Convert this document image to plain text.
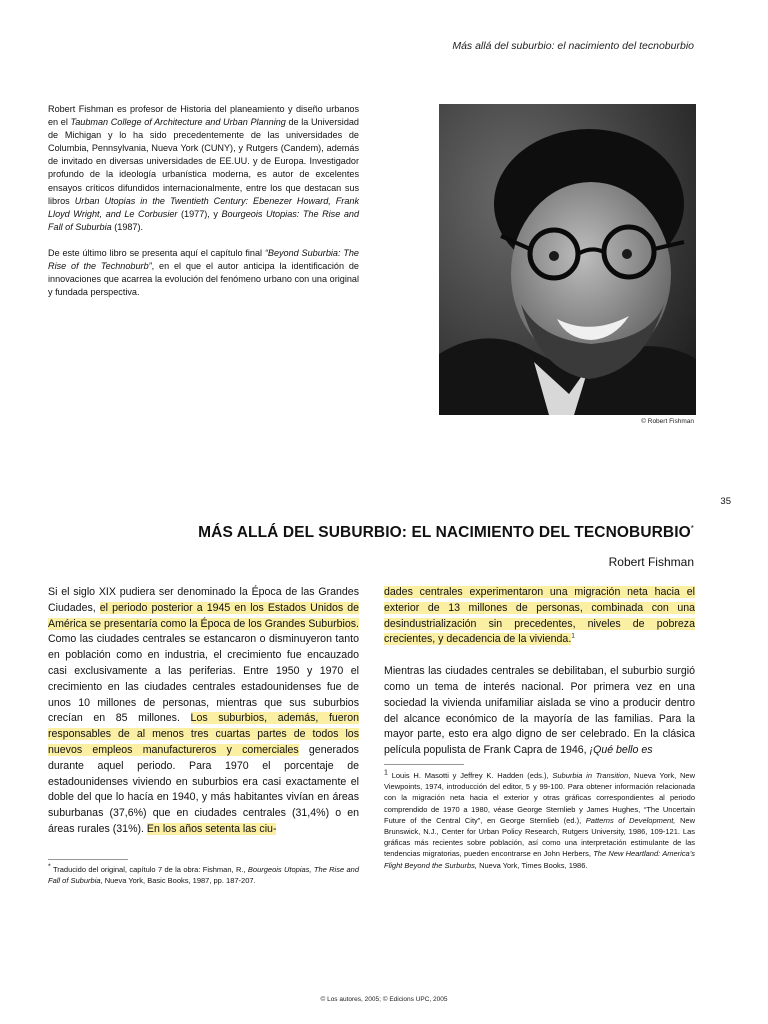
Más allá del suburbio: el nacimiento del tecnoburbio

Robert Fishman es profesor de Historia del planeamiento y diseño urbanos en el Taubman College of Architecture and Urban Planning de la Universidad de Michigan y lo ha sido precedentemente de las universidades de Columbia, Pennsylvania, Nueva York (CUNY), y Rutgers (Candem), además de invitado en diversas universidades de EE.UU. y de Europa. Investigador profundo de la ideología urbanística moderna, es autor de excelentes ensayos críticos difundidos internacionalmente, entre los que destacan sus libros Urban Utopias in the Twentieth Century: Ebenezer Howard, Frank Lloyd Wright, and Le Corbusier (1977), y Bourgeois Utopias: The Rise and Fall of Suburbia (1987).

De este último libro se presenta aquí el capítulo final “Beyond Suburbia: The Rise of the Technoburb”, en el que el autor anticipa la identificación de innovaciones que acarrea la evolución del fenómeno urbano con una original y fundada perspectiva.

© Robert Fishman
35
MÁS ALLÁ DEL SUBURBIO: EL NACIMIENTO DEL TECNOBURBIO*
Robert Fishman

Si el siglo XIX pudiera ser denominado la Época de las Grandes Ciudades, el periodo posterior a 1945 en los Estados Unidos de América se presentaría como la Época de los Grandes Suburbios. Como las ciudades centrales se estancaron o disminuyeron tanto en población como en industria, el crecimiento fue encauzado casi exclusivamente a las periferias. Entre 1950 y 1970 el crecimiento en las ciudades centrales estadounidenses fue de unos 10 millones de personas, mientras que sus suburbios crecían en 85 millones. Los suburbios, además, fueron responsables de al menos tres cuartas partes de todos los nuevos empleos manufactureros y comerciales generados durante aquel periodo. Para 1970 el porcentaje de estadounidenses viviendo en suburbios era casi exactamente el doble del que lo hacía en 1940, y más habitantes vivían en áreas suburbanas (37,6%) que en ciudades centrales (31,4%) o en áreas rurales (31%). En los años setenta las ciu-

dades centrales experimentaron una migración neta hacia el exterior de 13 millones de personas, combinada con una desindustrialización sin precedentes, niveles de pobreza crecientes, y decadencia de la vivienda.$^1$

Mientras las ciudades centrales se debilitaban, el suburbio surgió como un tema de interés nacional. Por primera vez en una sociedad la vivienda unifamiliar aislada se vino a producir dentro del alcance económico de la mayoría de las familias. Para la mayor parte, esto era algo digno de ser celebrado. En la clásica película populista de Frank Capra de 1946, ¡Qué bello es

* Traducido del original, capítulo 7 de la obra: Fishman, R., Bourgeois Utopias, The Rise and Fall of Suburbia, Nueva York, Basic Books, 1987, pp. 187-207.
1 Louis H. Masotti y Jeffrey K. Hadden (eds.), Suburbia in Transition, Nueva York, New Viewpoints, 1974, introducción del editor, 5 y 99-100. Para obtener información relacionada con la migración neta hacia el exterior y otras gráficas correspondientes al periodo comprendido de 1970 a 1980, véase George Sternlieb y James Hughes, “The Uncertain Future of the Central City”, en George Sternlieb (ed.), Patterns of Development, New Brunswick, N.J., Center for Urban Policy Research, Rutgers University, 1986, 109-121. Las gráficas más recientes sobre población, así como una interpretación estimulante de las tendencias migratorias, pueden encontrarse en John Herbers, The New Heartland: America’s Flight Beyond the Surburbs, Nueva York, Times Books, 1986.
© Los autores, 2005; © Edicions UPC, 2005
